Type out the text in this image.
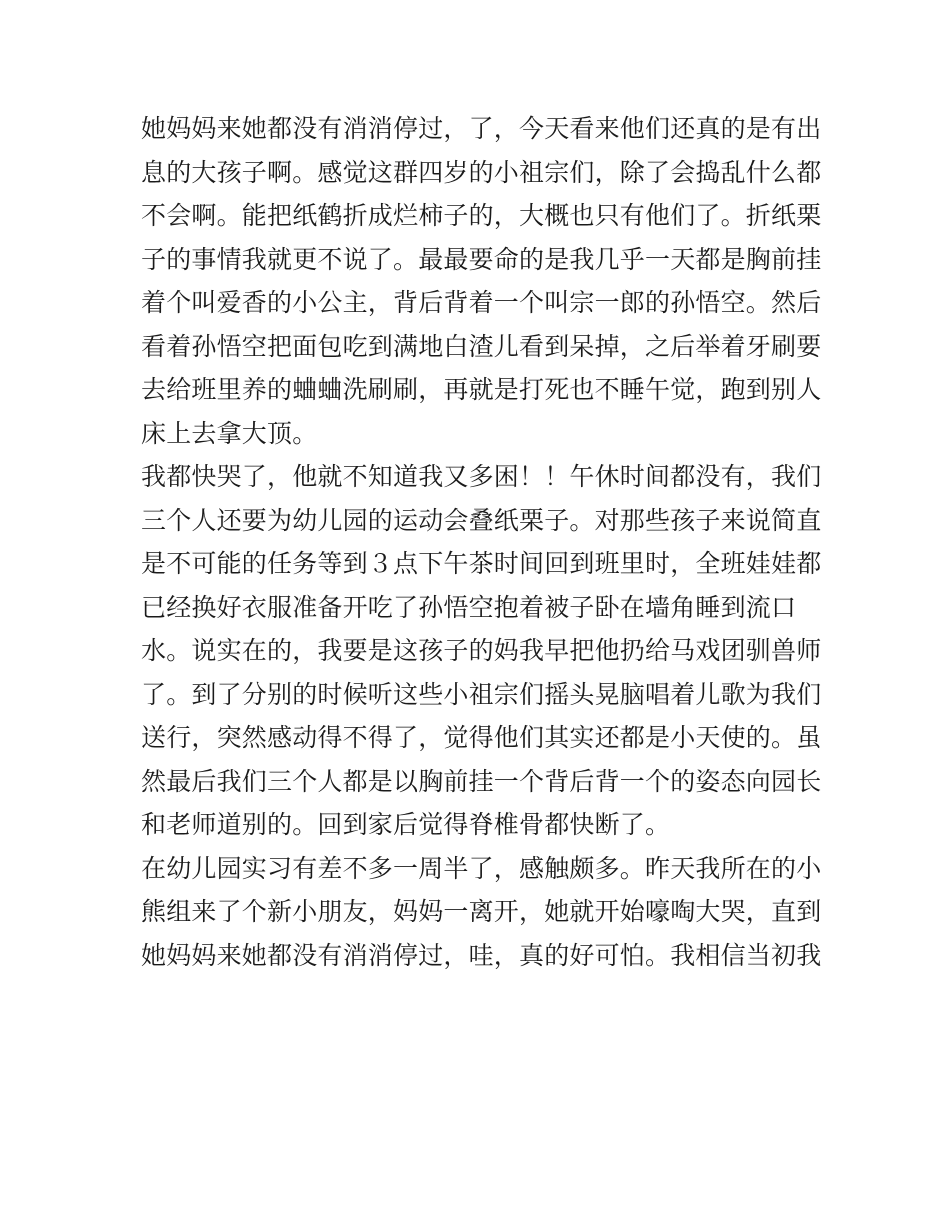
她妈妈来她都没有消消停过，了，今天看来他们还真的是有出
息的大孩子啊。感觉这群四岁的小祖宗们，除了会捣乱什么都
不会啊。能把纸鹤折成烂柿子的，大概也只有他们了。折纸栗
子的事情我就更不说了。最最要命的是我几乎一天都是胸前挂
着个叫爱香的小公主，背后背着一个叫宗一郎的孙悟空。然后
看着孙悟空把面包吃到满地白渣儿看到呆掉，之后举着牙刷要
去给班里养的蛐蛐洗刷刷，再就是打死也不睡午觉，跑到别人
床上去拿大顶。
我都快哭了，他就不知道我又多困！！午休时间都没有，我们
三个人还要为幼儿园的运动会叠纸栗子。对那些孩子来说简直
是不可能的任务等到３点下午茶时间回到班里时，全班娃娃都
已经换好衣服准备开吃了孙悟空抱着被子卧在墙角睡到流口
水。说实在的，我要是这孩子的妈我早把他扔给马戏团驯兽师
了。到了分别的时候听这些小祖宗们摇头晃脑唱着儿歌为我们
送行，突然感动得不得了，觉得他们其实还都是小天使的。虽
然最后我们三个人都是以胸前挂一个背后背一个的姿态向园长
和老师道别的。回到家后觉得脊椎骨都快断了。
在幼儿园实习有差不多一周半了，感触颇多。昨天我所在的小
熊组来了个新小朋友，妈妈一离开，她就开始嚎啕大哭，直到
她妈妈来她都没有消消停过，哇，真的好可怕。我相信当初我
